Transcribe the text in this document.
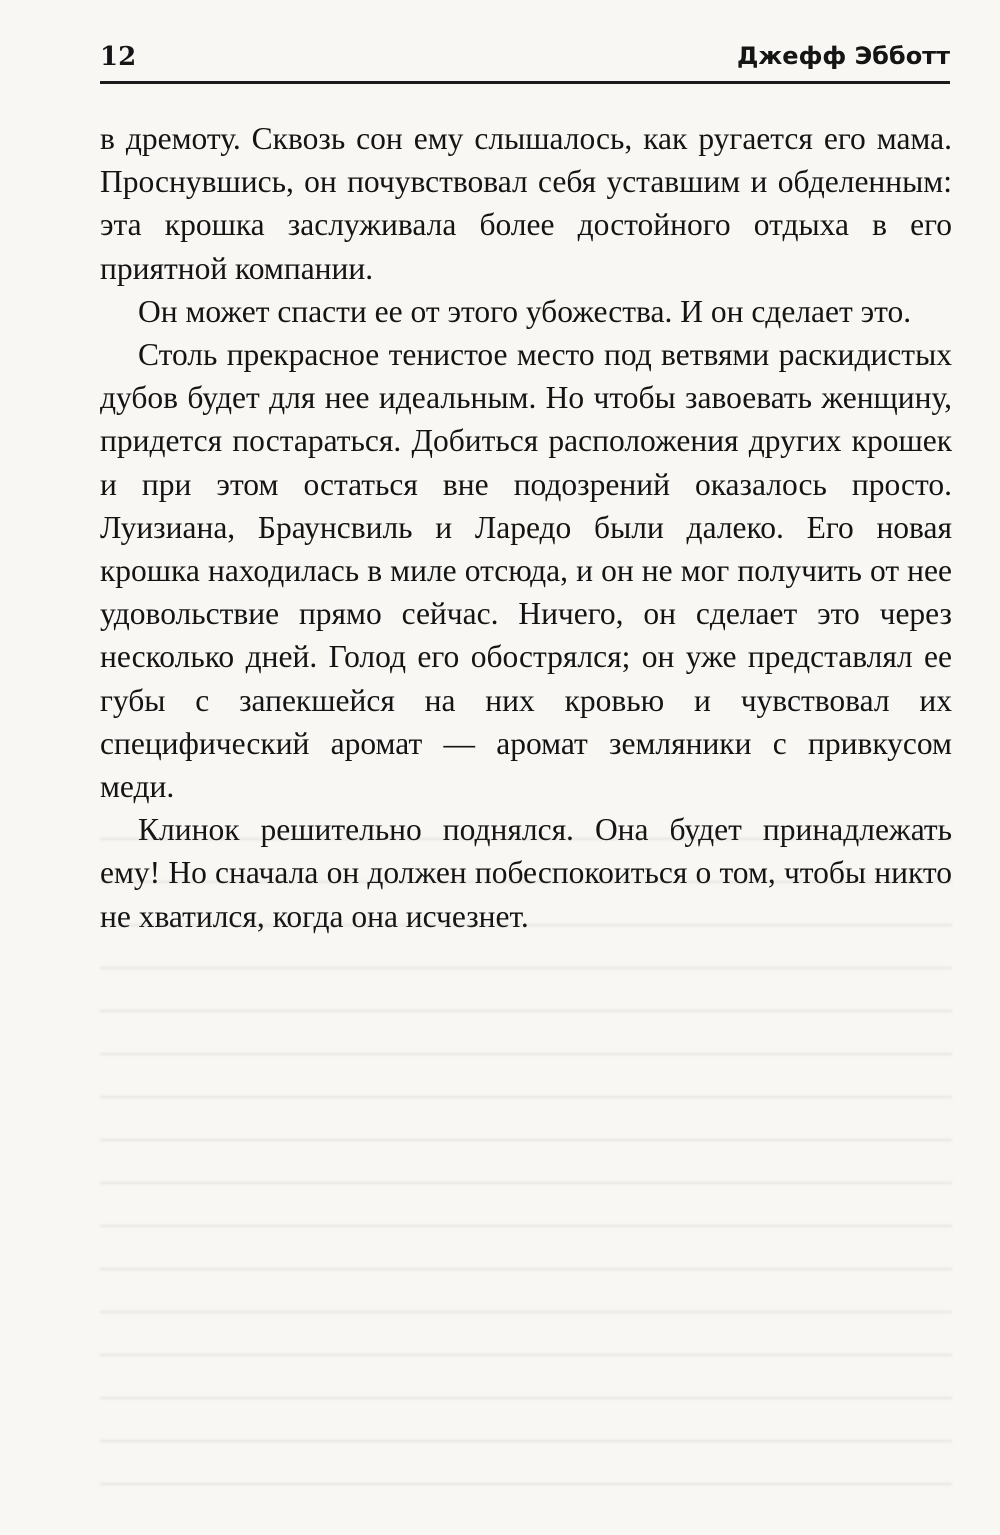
12	Джефф Эбботт

в дремоту. Сквозь сон ему слышалось, как ругается его мама. Проснувшись, он почувствовал себя уставшим и обделенным: эта крошка заслуживала более достойного отдыха в его приятной компании.

Он может спасти ее от этого убожества. И он сделает это.

Столь прекрасное тенистое место под ветвями раскидистых дубов будет для нее идеальным. Но чтобы завоевать женщину, придется постараться. Добиться расположения других крошек и при этом остаться вне подозрений оказалось просто. Луизиана, Браунсвиль и Ларедо были далеко. Его новая крошка находилась в миле отсюда, и он не мог получить от нее удовольствие прямо сейчас. Ничего, он сделает это через несколько дней. Голод его обострялся; он уже представлял ее губы с запекшейся на них кровью и чувствовал их специфический аромат — аромат земляники с привкусом меди.

Клинок решительно поднялся. Она будет принадлежать ему! Но сначала он должен побеспокоиться о том, чтобы никто не хватился, когда она исчезнет.
